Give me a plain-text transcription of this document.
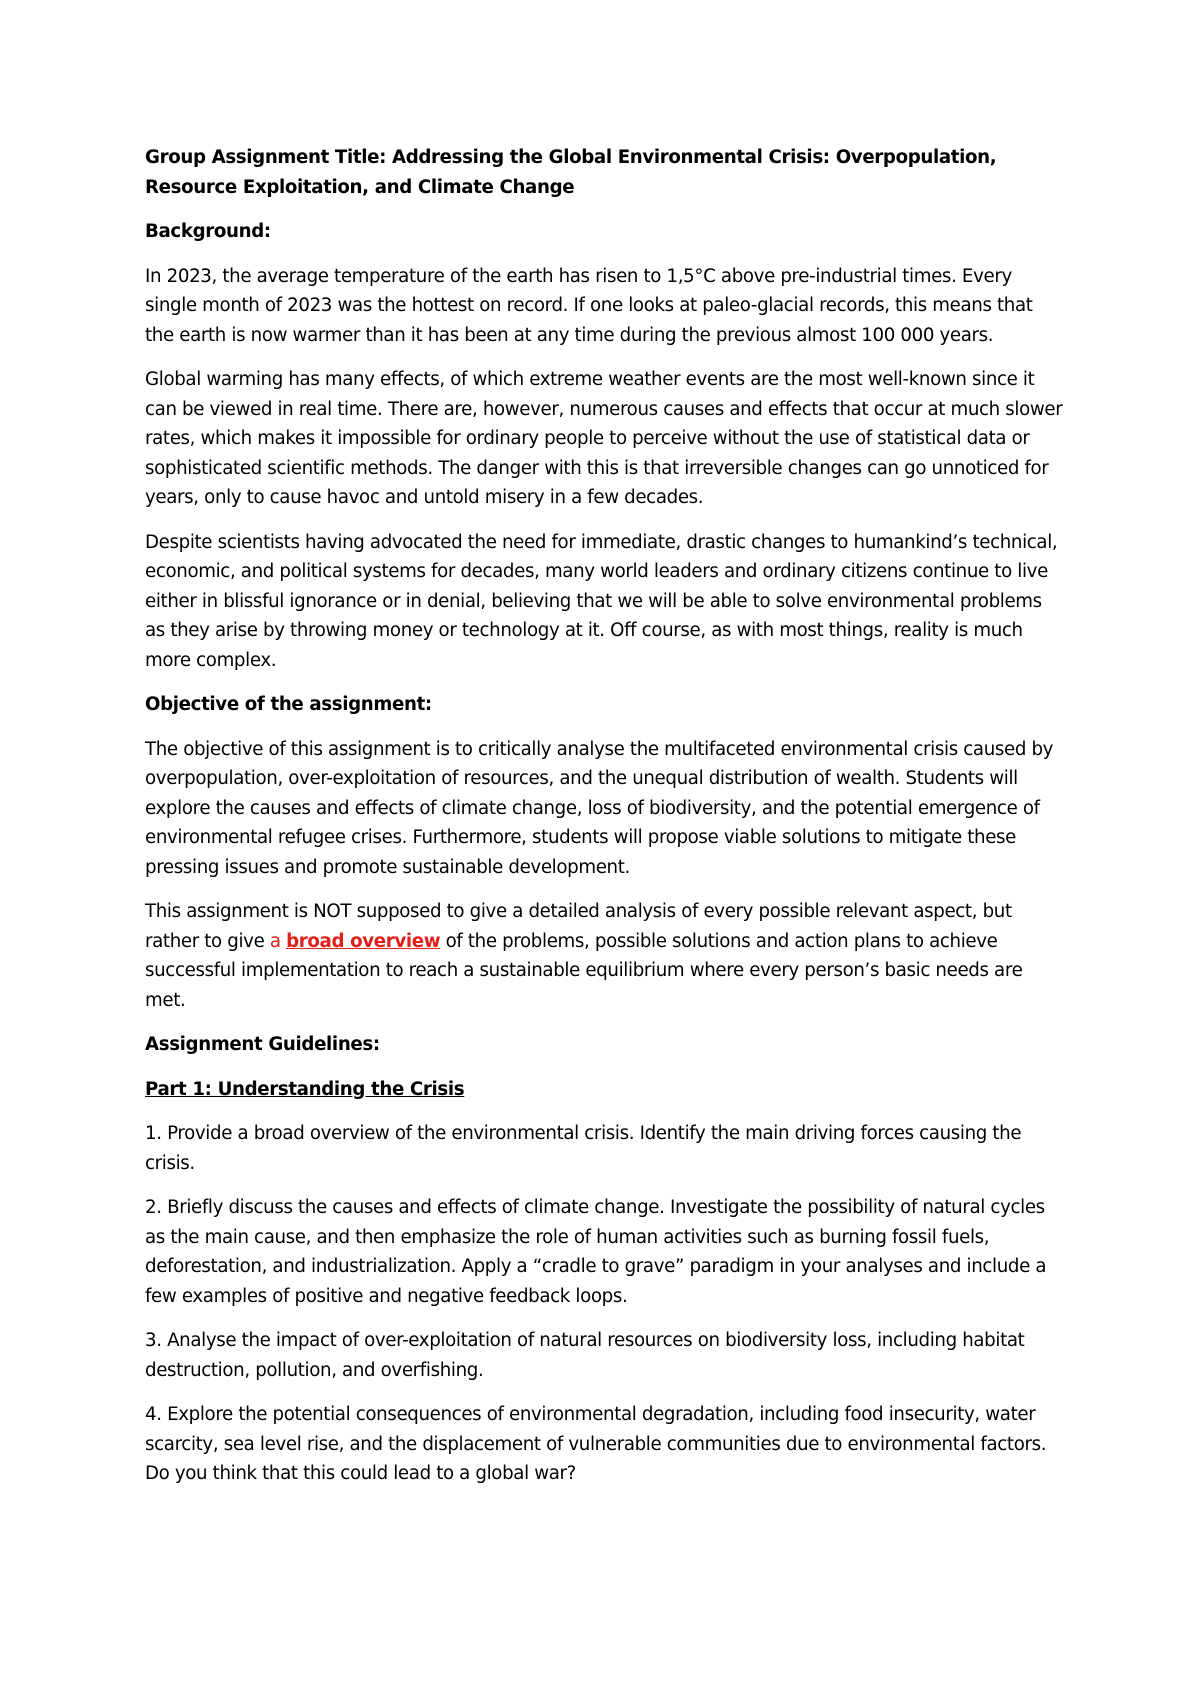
Group Assignment Title: Addressing the Global Environmental Crisis: Overpopulation, Resource Exploitation, and Climate Change

Background:

In 2023, the average temperature of the earth has risen to 1,5°C above pre-industrial times. Every single month of 2023 was the hottest on record. If one looks at paleo-glacial records, this means that the earth is now warmer than it has been at any time during the previous almost 100 000 years.

Global warming has many effects, of which extreme weather events are the most well-known since it can be viewed in real time. There are, however, numerous causes and effects that occur at much slower rates, which makes it impossible for ordinary people to perceive without the use of statistical data or sophisticated scientific methods. The danger with this is that irreversible changes can go unnoticed for years, only to cause havoc and untold misery in a few decades.

Despite scientists having advocated the need for immediate, drastic changes to humankind’s technical, economic, and political systems for decades, many world leaders and ordinary citizens continue to live either in blissful ignorance or in denial, believing that we will be able to solve environmental problems as they arise by throwing money or technology at it. Off course, as with most things, reality is much more complex.

Objective of the assignment:

The objective of this assignment is to critically analyse the multifaceted environmental crisis caused by overpopulation, over-exploitation of resources, and the unequal distribution of wealth. Students will explore the causes and effects of climate change, loss of biodiversity, and the potential emergence of environmental refugee crises. Furthermore, students will propose viable solutions to mitigate these pressing issues and promote sustainable development.

This assignment is NOT supposed to give a detailed analysis of every possible relevant aspect, but rather to give a broad overview of the problems, possible solutions and action plans to achieve successful implementation to reach a sustainable equilibrium where every person’s basic needs are met.

Assignment Guidelines:

Part 1: Understanding the Crisis

1. Provide a broad overview of the environmental crisis. Identify the main driving forces causing the crisis.

2. Briefly discuss the causes and effects of climate change. Investigate the possibility of natural cycles as the main cause, and then emphasize the role of human activities such as burning fossil fuels, deforestation, and industrialization. Apply a “cradle to grave” paradigm in your analyses and include a few examples of positive and negative feedback loops.

3. Analyse the impact of over-exploitation of natural resources on biodiversity loss, including habitat destruction, pollution, and overfishing.

4. Explore the potential consequences of environmental degradation, including food insecurity, water scarcity, sea level rise, and the displacement of vulnerable communities due to environmental factors. Do you think that this could lead to a global war?
